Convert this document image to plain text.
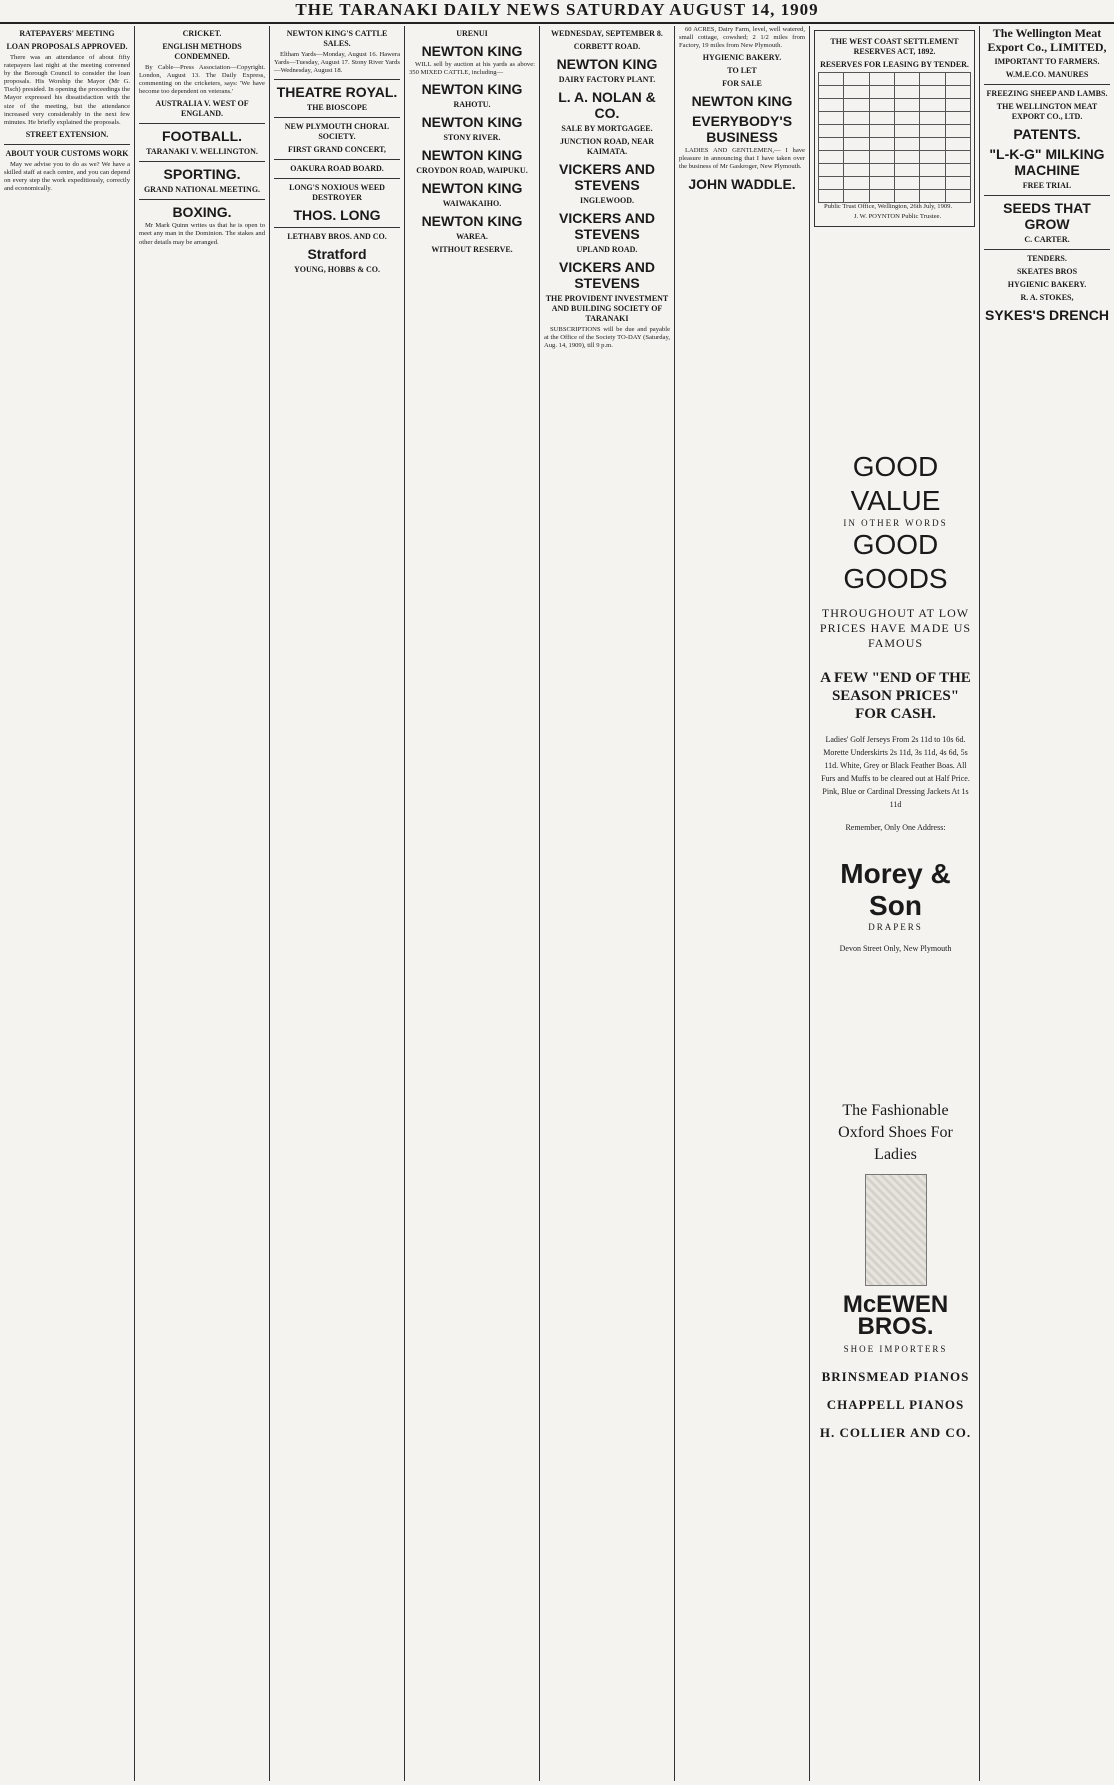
THE TARANAKI DAILY NEWS SATURDAY AUGUST 14, 1909
RATEPAYERS' MEETING
LOAN PROPOSALS APPROVED.

There was an attendance of about fifty ratepayers last night at the meeting convened by the Borough Council to consider the loan proposals. His Worship the Mayor (Mr G. Tisch) presided. In opening the proceedings the Mayor expressed his dissatisfaction with the size of the meeting, but the attendance increased very considerably in the next few minutes. He briefly explained the proposals.

STREET EXTENSION.
ABOUT YOUR CUSTOMS WORK

May we advise you to do as we? We have a skilled staff at each centre, and you can depend on every step the work expeditiously, correctly and economically.

CRICKET.
ENGLISH METHODS CONDEMNED.

By Cable—Press Association—Copyright. London, August 13. The Daily Express, commenting on the cricketers, says: 'We have become too dependent on veterans.'

AUSTRALIA V. WEST OF ENGLAND.
FOOTBALL.
TARANAKI V. WELLINGTON.
SPORTING.
GRAND NATIONAL MEETING.
BOXING.

Mr Mark Quinn writes us that he is open to meet any man in the Dominion. The stakes and other details may be arranged.

NEWTON KING'S CATTLE SALES.

Eltham Yards—Monday, August 16. Hawera Yards—Tuesday, August 17. Stony River Yards—Wednesday, August 18.

THEATRE ROYAL.
THE BIOSCOPE
NEW PLYMOUTH CHORAL SOCIETY.
FIRST GRAND CONCERT,
OAKURA ROAD BOARD.
LONG'S NOXIOUS WEED DESTROYER
THOS. LONG
LETHABY BROS. AND CO.
Stratford
YOUNG, HOBBS & CO.
URENUI
NEWTON KING

WILL sell by auction at his yards as above: 350 MIXED CATTLE, including—

NEWTON KING
RAHOTU.
NEWTON KING
STONY RIVER.
NEWTON KING
CROYDON ROAD, WAIPUKU.
NEWTON KING
WAIWAKAIHO.
NEWTON KING
WAREA.
WITHOUT RESERVE.
WEDNESDAY, SEPTEMBER 8.
CORBETT ROAD.
NEWTON KING
DAIRY FACTORY PLANT.
L. A. NOLAN & CO.
SALE BY MORTGAGEE.
JUNCTION ROAD, NEAR KAIMATA.
VICKERS AND STEVENS
INGLEWOOD.
VICKERS AND STEVENS
UPLAND ROAD.
VICKERS AND STEVENS
THE PROVIDENT INVESTMENT AND BUILDING SOCIETY OF TARANAKI

SUBSCRIPTIONS will be due and payable at the Office of the Society TO-DAY (Saturday, Aug. 14, 1909), till 9 p.m.

60 ACRES, Dairy Farm, level, well watered, small cottage, cowshed; 2 1/2 miles from Factory, 19 miles from New Plymouth.

HYGIENIC BAKERY.
TO LET
FOR SALE
NEWTON KING
EVERYBODY'S BUSINESS

LADIES AND GENTLEMEN,— I have pleasure in announcing that I have taken over the business of Mr Gaskroger, New Plymouth.

JOHN WADDLE.
THE WEST COAST SETTLEMENT RESERVES ACT, 1892.
RESERVES FOR LEASING BY TENDER.

Public Trust Office, Wellington, 26th July, 1909.

J. W. POYNTON Public Trustee.

GOOD VALUE
IN OTHER WORDS
GOOD GOODS
THROUGHOUT AT LOW PRICES HAVE MADE US FAMOUS
A FEW "END OF THE SEASON PRICES" FOR CASH.
Ladies' Golf Jerseys From 2s 11d to 10s 6d. Morette Underskirts 2s 11d, 3s 11d, 4s 6d, 5s 11d. White, Grey or Black Feather Boas. All Furs and Muffs to be cleared out at Half Price. Pink, Blue or Cardinal Dressing Jackets At 1s 11d
Remember, Only One Address:
Morey & Son
DRAPERS
Devon Street Only, New Plymouth
The Fashionable Oxford Shoes For Ladies
McEWEN BROS.
SHOE IMPORTERS
BRINSMEAD PIANOS
CHAPPELL PIANOS
H. COLLIER AND CO.
The Wellington Meat Export Co., LIMITED,
IMPORTANT TO FARMERS.
W.M.E.CO. MANURES
FREEZING SHEEP AND LAMBS.
THE WELLINGTON MEAT EXPORT CO., LTD.
PATENTS.
"L-K-G" MILKING MACHINE
FREE TRIAL
SEEDS THAT GROW
C. CARTER.
TENDERS.
SKEATES BROS
HYGIENIC BAKERY.
R. A. STOKES,
SYKES'S DRENCH
